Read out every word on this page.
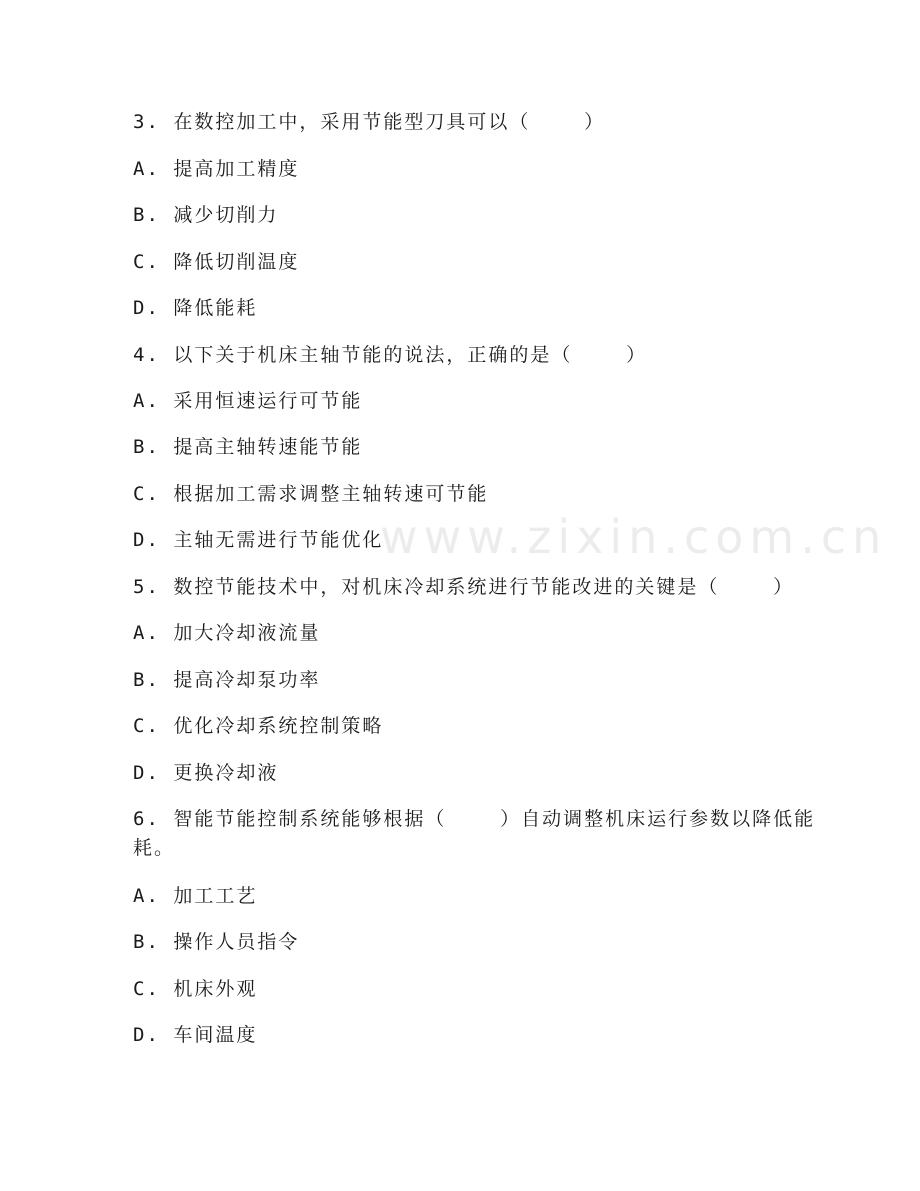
www.zixin.com.cn
3. 在数控加工中，采用节能型刀具可以（    ）
A. 提高加工精度
B. 减少切削力
C. 降低切削温度
D. 降低能耗
4. 以下关于机床主轴节能的说法，正确的是（    ）
A. 采用恒速运行可节能
B. 提高主轴转速能节能
C. 根据加工需求调整主轴转速可节能
D. 主轴无需进行节能优化
5. 数控节能技术中，对机床冷却系统进行节能改进的关键是（    ）
A. 加大冷却液流量
B. 提高冷却泵功率
C. 优化冷却系统控制策略
D. 更换冷却液
6. 智能节能控制系统能够根据（    ）自动调整机床运行参数以降低能
耗。
A. 加工工艺
B. 操作人员指令
C. 机床外观
D. 车间温度
